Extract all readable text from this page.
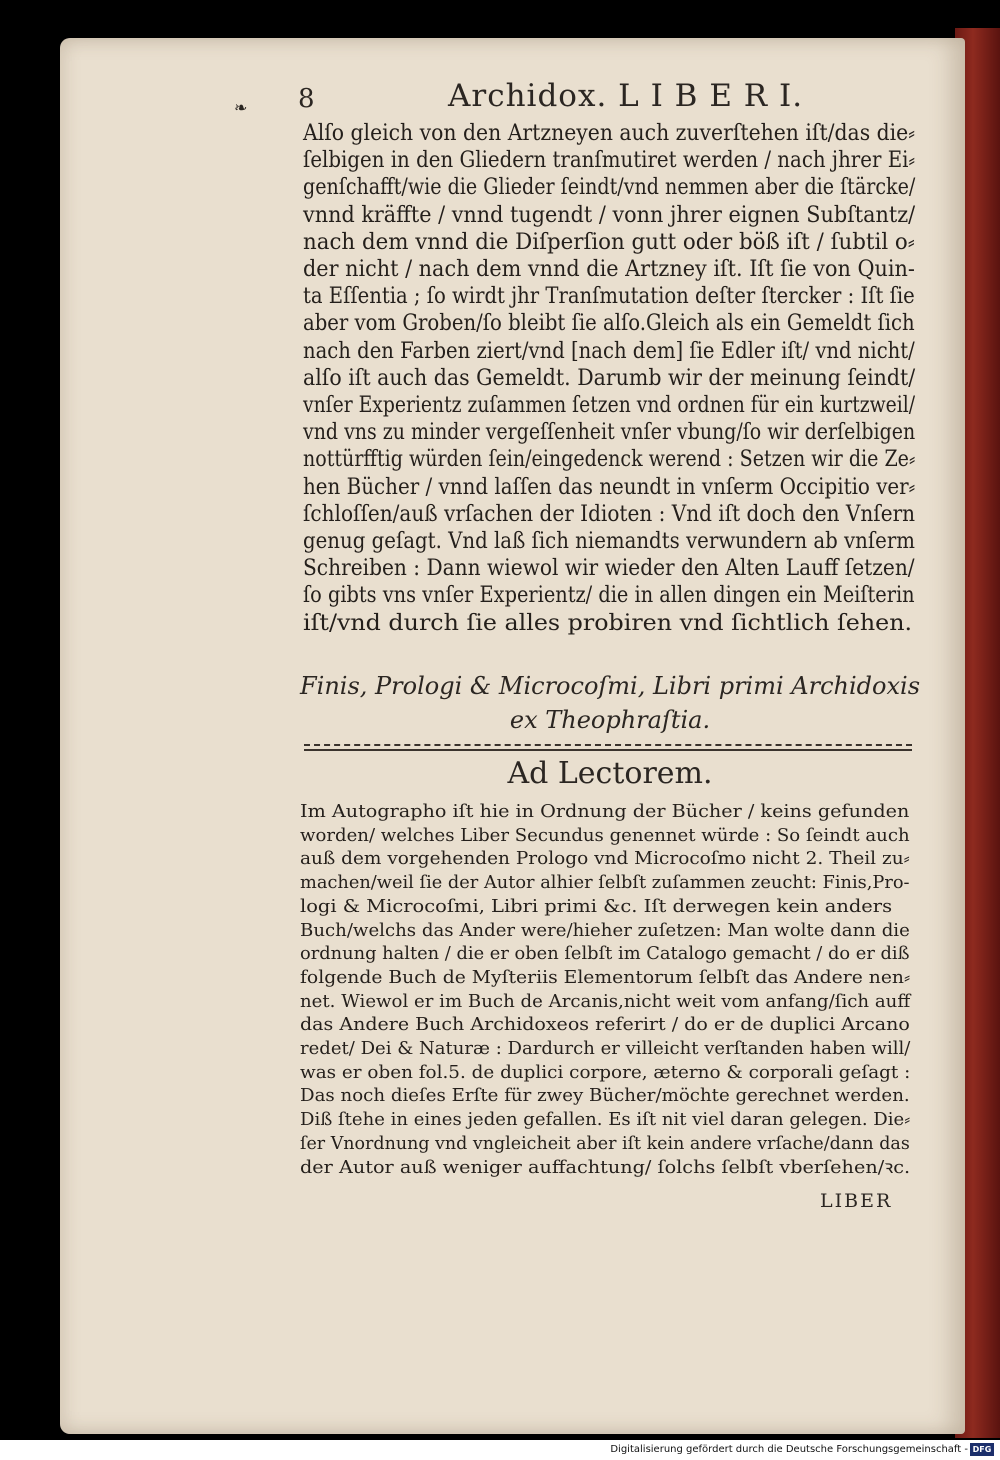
❧ 8	Archidox. L I B E R I.
Alſo gleich von den Artzneyen auch zuverſtehen iſt/das die⸗
ſelbigen in den Gliedern tranſmutiret werden / nach jhrer Ei⸗
genſchafft/wie die Glieder ſeindt/vnd nemmen aber die ſtärcke/
vnnd kräffte / vnnd tugendt / vonn jhrer eignen Subſtantz/
nach dem vnnd die Diſperſion gutt oder böß iſt / ſubtil o⸗
der nicht / nach dem vnnd die Artzney iſt. Iſt ſie von Quin-
ta Eſſentia ; ſo wirdt jhr Tranſmutation deſter ſtercker : Iſt ſie
aber vom Groben/ſo bleibt ſie alſo.Gleich als ein Gemeldt ſich
nach den Farben ziert/vnd [nach dem] ſie Edler iſt/ vnd nicht/
alſo iſt auch das Gemeldt. Darumb wir der meinung ſeindt/
vnſer Experientz zuſammen ſetzen vnd ordnen für ein kurtzweil/
vnd vns zu minder vergeſſenheit vnſer vbung/ſo wir derſelbigen
nottürfftig würden ſein/eingedenck werend : Setzen wir die Ze⸗
hen Bücher / vnnd laſſen das neundt in vnſerm Occipitio ver⸗
ſchloſſen/auß vrſachen der Idioten : Vnd iſt doch den Vnſern
genug geſagt. Vnd laß ſich niemandts verwundern ab vnſerm
Schreiben : Dann wiewol wir wieder den Alten Lauff ſetzen/
ſo gibts vns vnſer Experientz/ die in allen dingen ein Meiſterin
iſt/vnd durch ſie alles probiren vnd ſichtlich ſehen.
Finis, Prologi & Microcoſmi, Libri primi Archidoxis
ex Theophraſtia.
Ad Lectorem.
Im Autographo iſt hie in Ordnung der Bücher / keins gefunden
worden/ welches Liber Secundus genennet würde : So ſeindt auch
auß dem vorgehenden Prologo vnd Microcoſmo nicht 2. Theil zu⸗
machen/weil ſie der Autor alhier ſelbſt zuſammen zeucht: Finis,Pro-
logi & Microcoſmi, Libri primi &c. Iſt derwegen kein anders
Buch/welchs das Ander were/hieher zuſetzen: Man wolte dann die
ordnung halten / die er oben ſelbſt im Catalogo gemacht / do er diß
folgende Buch de Myſteriis Elementorum ſelbſt das Andere nen⸗
net. Wiewol er im Buch de Arcanis,nicht weit vom anfang/ſich auff
das Andere Buch Archidoxeos referirt / do er de duplici Arcano
redet/ Dei & Naturæ : Dardurch er villeicht verſtanden haben will/
was er oben fol.5. de duplici corpore, æterno & corporali geſagt :
Das noch dieſes Erſte für zwey Bücher/möchte gerechnet werden.
Diß ſtehe in eines jeden gefallen. Es iſt nit viel daran gelegen. Die⸗
ſer Vnordnung vnd vngleicheit aber iſt kein andere vrſache/dann das
der Autor auß weniger auffachtung/ ſolchs ſelbſt vberſehen/ꝛc.
LIBER
Digitalisierung gefördert durch die Deutsche Forschungsgemeinschaft - DFG
